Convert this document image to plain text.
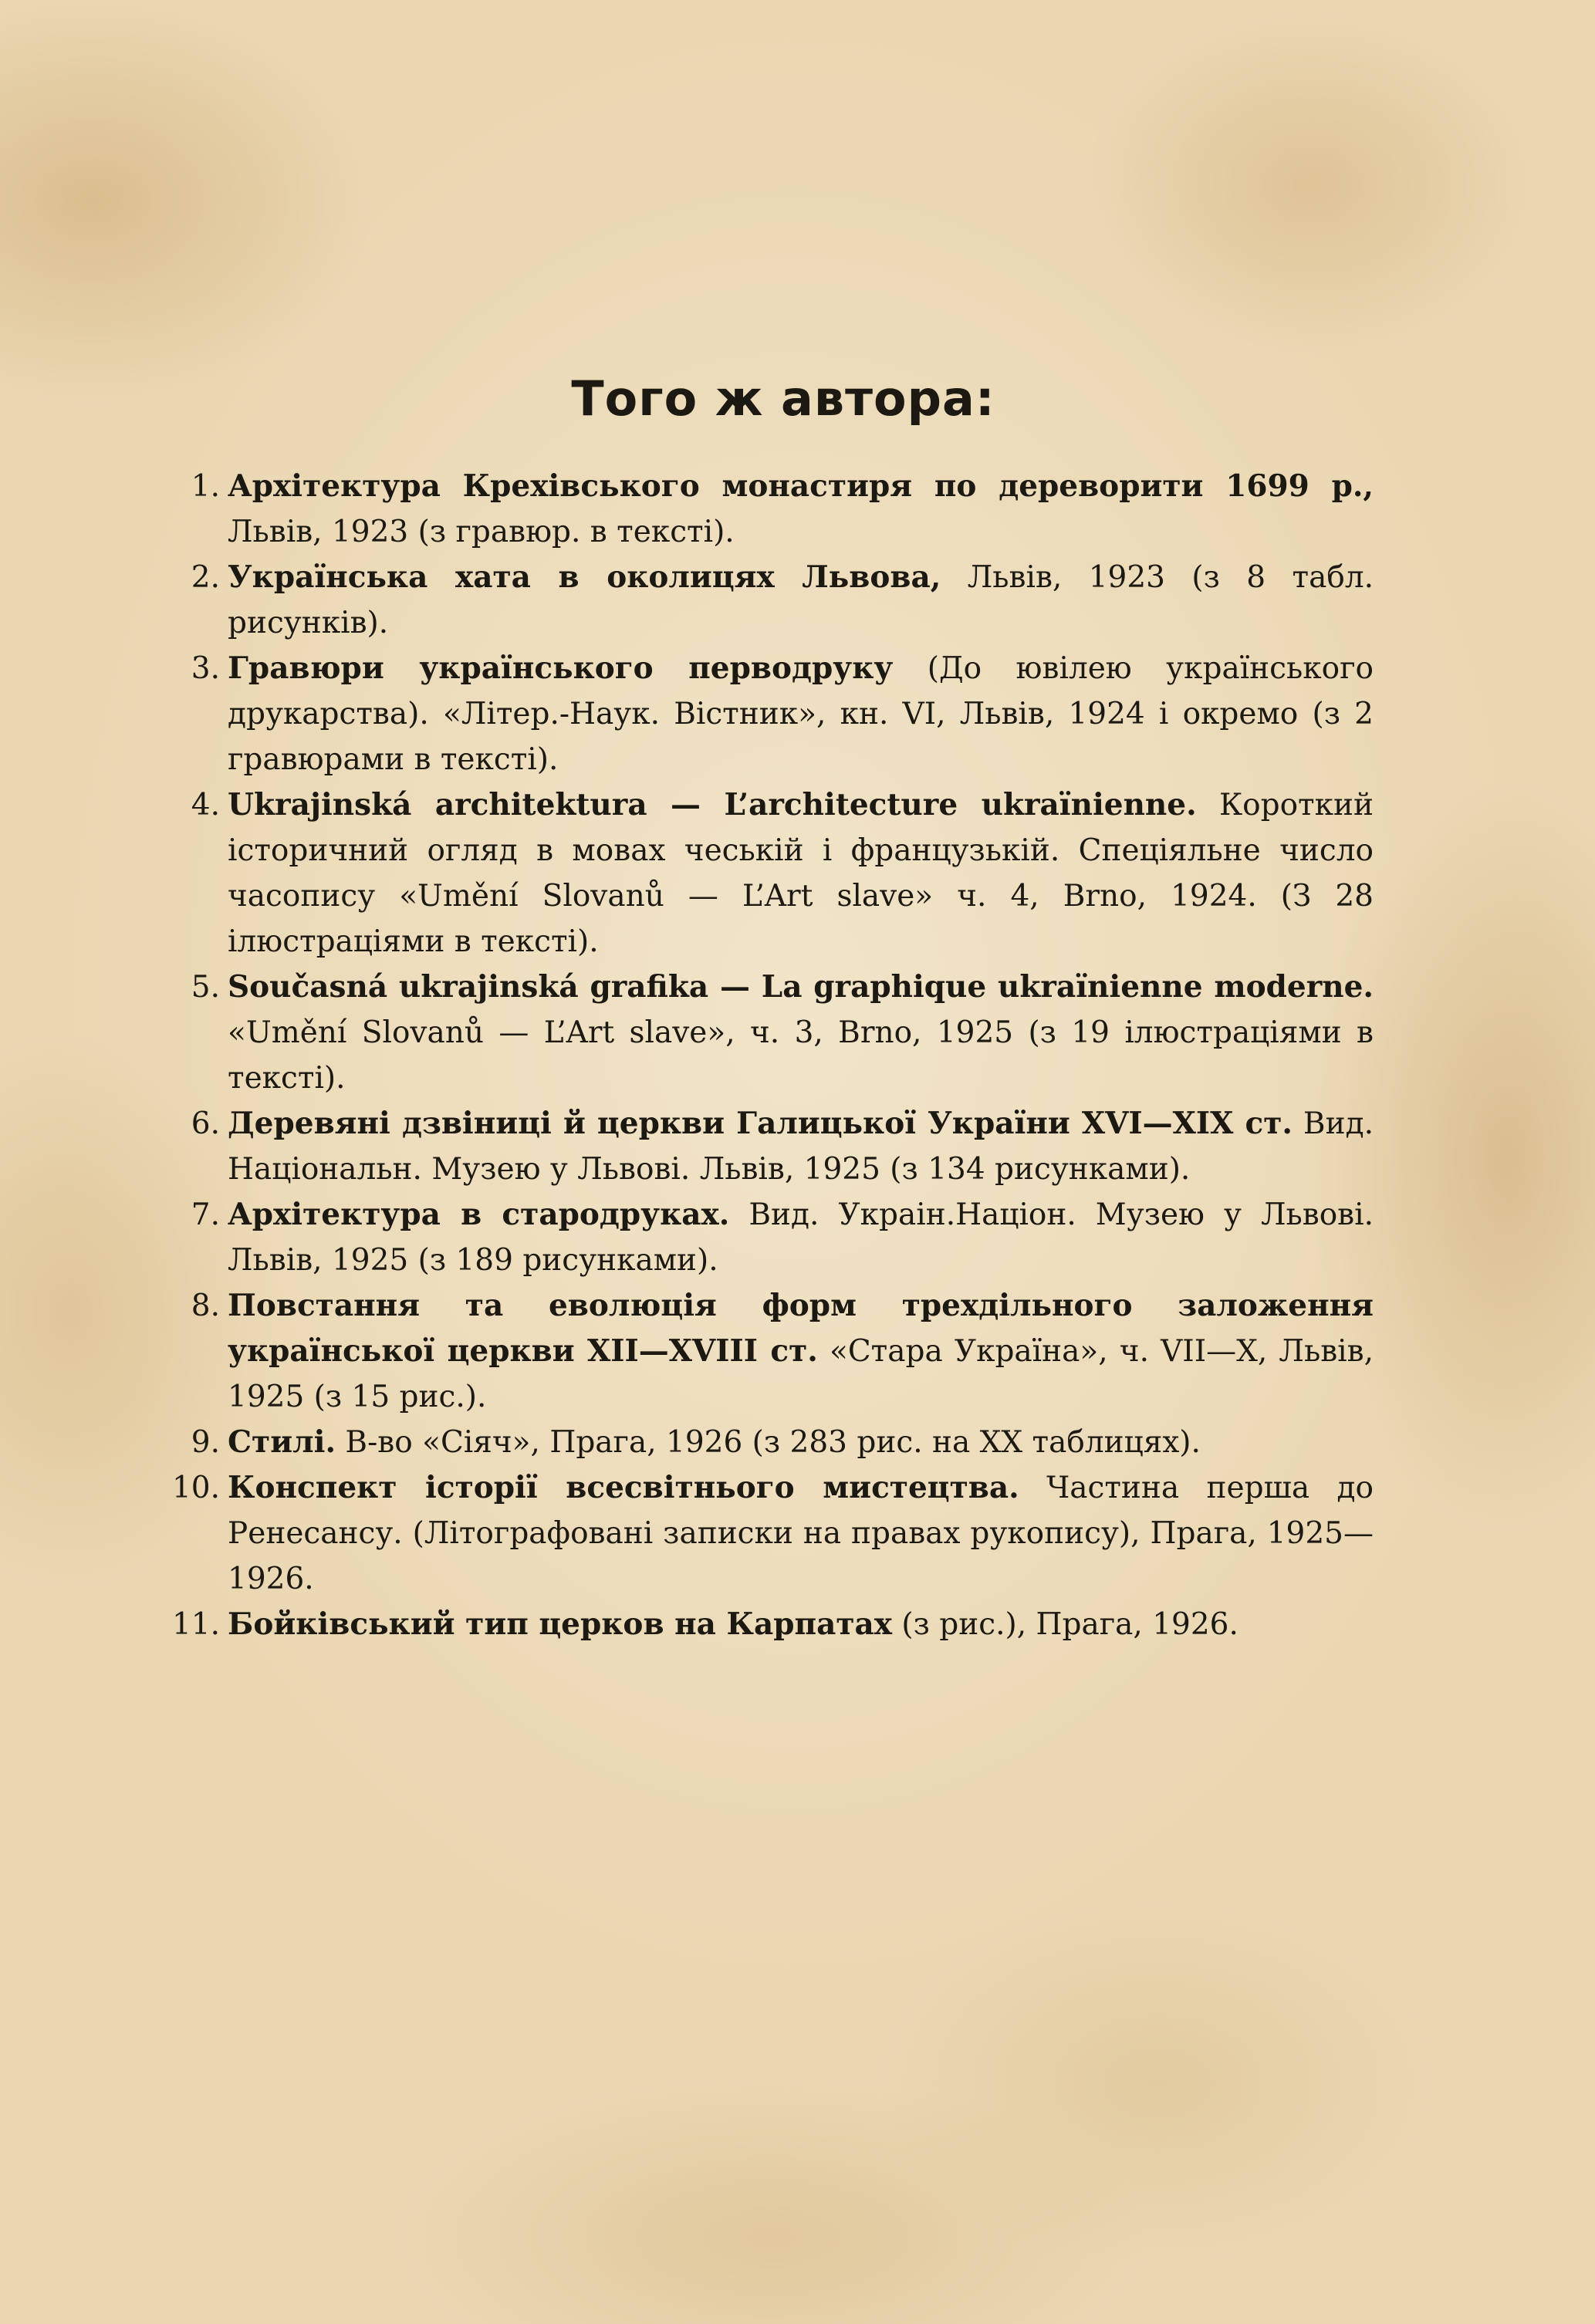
Того ж автора:
1. Архітектура Крехівського монастиря по дереворити 1699 р., Львів, 1923 (з гравюр. в тексті).
2. Українська хата в околицях Львова, Львів, 1923 (з 8 табл. рисунків).
3. Гравюри українського перводруку (До ювілею українського друкарства). «Літер.-Наук. Вістник», кн. VI, Львів, 1924 і окремо (з 2 гравюрами в тексті).
4. Ukrajinská architektura — L’architecture ukraïnienne. Короткий історичний огляд в мовах чеській і французькій. Спеціяльне число часопису «Umění Slovanů — L’Art slave» ч. 4, Brno, 1924. (З 28 ілюстраціями в тексті).
5. Současná ukrajinská grafika — La graphique ukraïnienne moderne. «Umění Slovanů — L’Art slave», ч. 3, Brno, 1925 (з 19 ілюстраціями в тексті).
6. Деревяні дзвіниці й церкви Галицької України XVI—XIX ст. Вид. Національн. Музею у Львові. Львів, 1925 (з 134 рисунками).
7. Архітектура в стародруках. Вид. Украін.Націон. Музею у Львові. Львів, 1925 (з 189 рисунками).
8. Повстання та еволюція форм трехдільного заложення української церкви XII—XVIII ст. «Стара Україна», ч. VII—X, Львів, 1925 (з 15 рис.).
9. Стилі. В-во «Сіяч», Прага, 1926 (з 283 рис. на XX таблицях).
10. Конспект історії всесвітнього мистецтва. Частина перша до Ренесансу. (Літографовані записки на правах рукопису), Прага, 1925—1926.
11. Бойківський тип церков на Карпатах (з рис.), Прага, 1926.
